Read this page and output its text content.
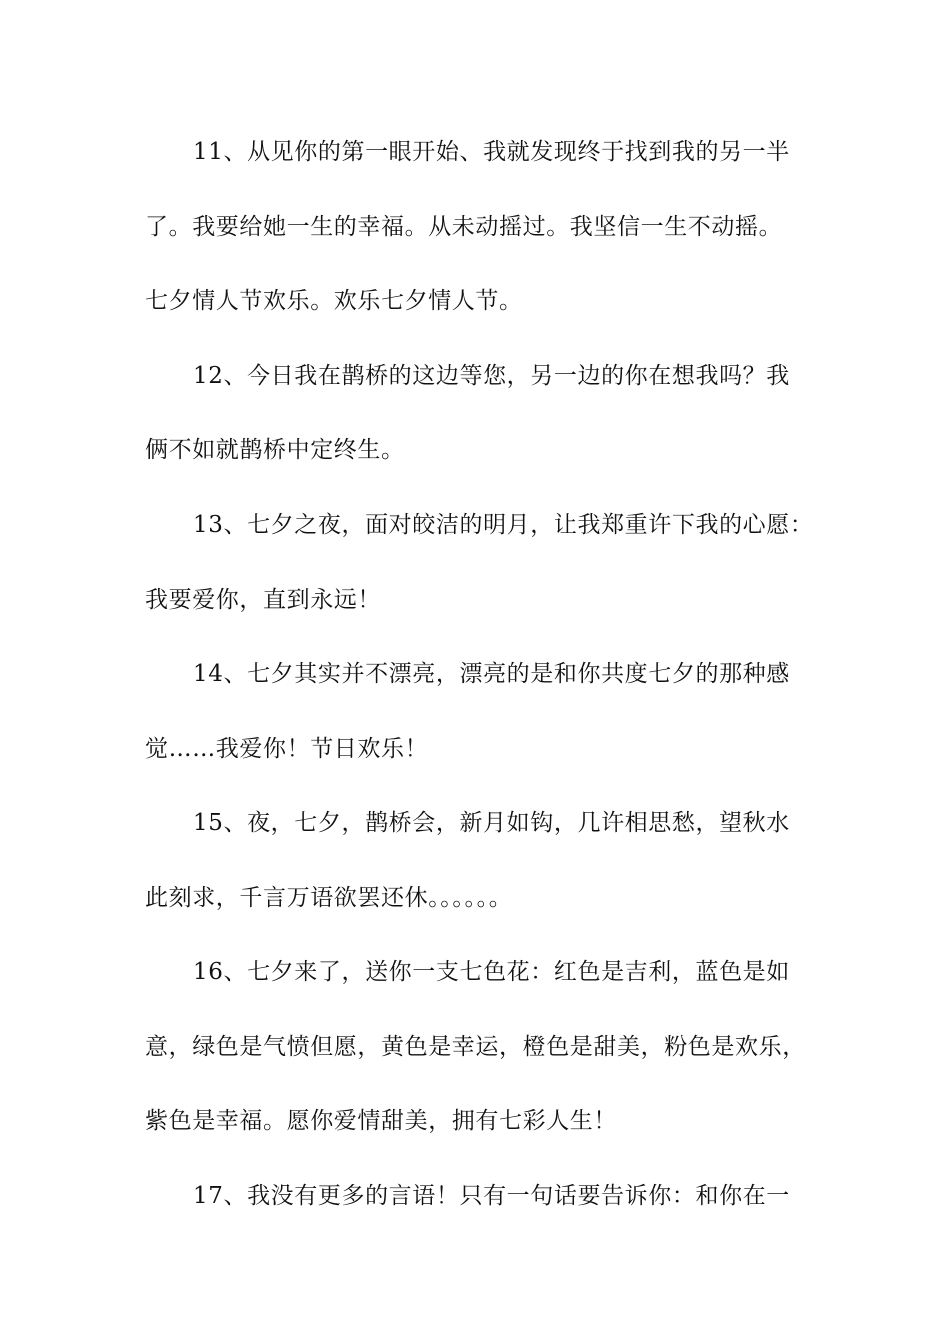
11、从见你的第一眼开始、我就发现终于找到我的另一半
了。我要给她一生的幸福。从未动摇过。我坚信一生不动摇。
七夕情人节欢乐。欢乐七夕情人节。
12、今日我在鹊桥的这边等您，另一边的你在想我吗？我
俩不如就鹊桥中定终生。
13、七夕之夜，面对皎洁的明月，让我郑重许下我的心愿：
我要爱你，直到永远！
14、七夕其实并不漂亮，漂亮的是和你共度七夕的那种感
觉……我爱你！节日欢乐！
15、夜，七夕，鹊桥会，新月如钩，几许相思愁，望秋水
此刻求，千言万语欲罢还休。。。。。。
16、七夕来了，送你一支七色花：红色是吉利，蓝色是如
意，绿色是气愤但愿，黄色是幸运，橙色是甜美，粉色是欢乐，
紫色是幸福。愿你爱情甜美，拥有七彩人生！
17、我没有更多的言语！只有一句话要告诉你：和你在一
